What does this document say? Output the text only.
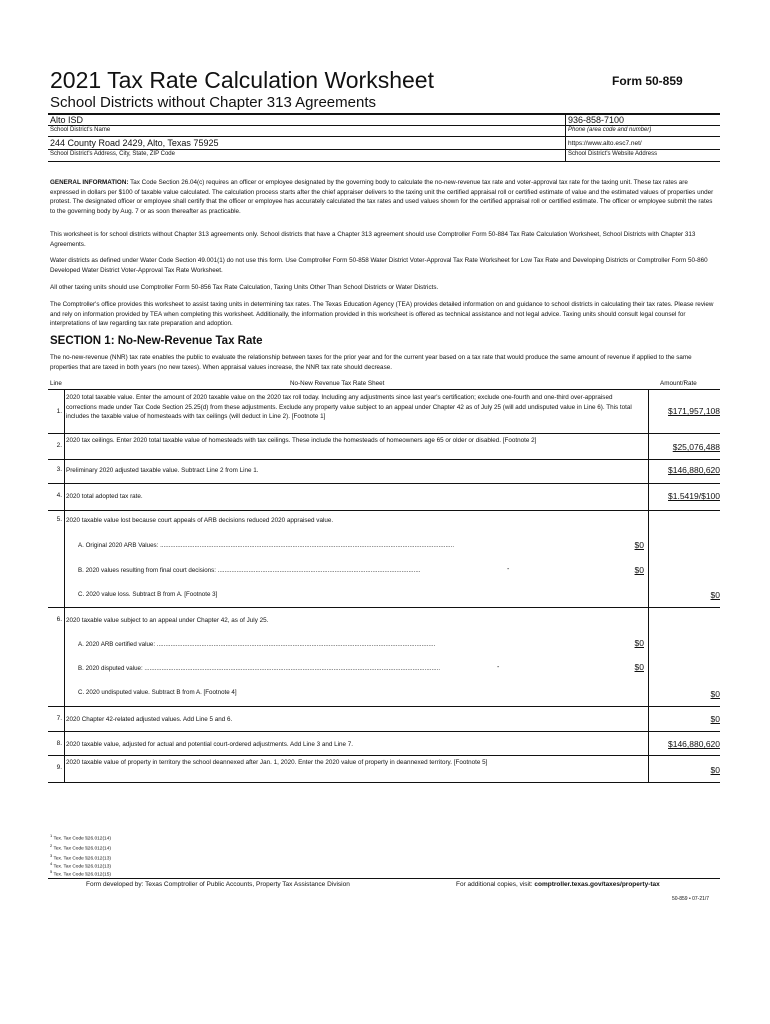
2021 Tax Rate Calculation Worksheet	Form 50-859
School Districts without Chapter 313 Agreements
Alto ISD
School District's Name
936-858-7100
Phone (area code and number)
244 County Road 2429, Alto, Texas 75925
School District's Address, City, State, ZIP Code
https://www.alto.esc7.net/
School District's Website Address
GENERAL INFORMATION: Tax Code Section 26.04(c) requires an officer or employee designated by the governing body to calculate the no-new-revenue tax rate and voter-approval tax rate for the taxing unit. These tax rates are expressed in dollars per $100 of taxable value calculated. The calculation process starts after the chief appraiser delivers to the taxing unit the certified appraisal roll or certified estimate of value and the estimated values of properties under protest. The designated officer or employee shall certify that the officer or employee has accurately calculated the tax rates and used values shown for the certified appraisal roll or certified estimate. The officer or employee submit the rates to the governing body by Aug. 7 or as soon thereafter as practicable.
This worksheet is for school districts without Chapter 313 agreements only. School districts that have a Chapter 313 agreement should use Comptroller Form 50-884 Tax Rate Calculation Worksheet, School Districts with Chapter 313 Agreements.
Water districts as defined under Water Code Section 49.001(1) do not use this form. Use Comptroller Form 50-858 Water District Voter-Approval Tax Rate Worksheet for Low Tax Rate and Developing Districts or Comptroller Form 50-860 Developed Water District Voter-Approval Tax Rate Worksheet.
All other taxing units should use Comptroller Form 50-856 Tax Rate Calculation, Taxing Units Other Than School Districts or Water Districts.
The Comptroller's office provides this worksheet to assist taxing units in determining tax rates. The Texas Education Agency (TEA) provides detailed information on and guidance to school districts in calculating their tax rates. Please review and rely on information provided by TEA when completing this worksheet. Additionally, the information provided in this worksheet is offered as technical assistance and not legal advice. Taxing units should consult legal counsel for interpretations of law regarding tax rate preparation and adoption.
SECTION 1: No-New-Revenue Tax Rate
The no-new-revenue (NNR) tax rate enables the public to evaluate the relationship between taxes for the prior year and for the current year based on a tax rate that would produce the same amount of revenue if applied to the same properties that are taxed in both years (no new taxes). When appraisal values increase, the NNR tax rate should decrease.
Line	No-New Revenue Tax Rate Sheet	Amount/Rate
1.
2020 total taxable value. Enter the amount of 2020 taxable value on the 2020 tax roll today. Including any adjustments since last year's certification; exclude one-fourth and one-third over-appraised corrections made under Tax Code Section 25.25(d) from these adjustments. Exclude any property value subject to an appeal under Chapter 42 as of July 25 (will add undisputed value in Line 6). This total includes the taxable value of homesteads with tax ceilings (will deduct in Line 2). [Footnote 1]
$171,957,108
2.
2020 tax ceilings. Enter 2020 total taxable value of homesteads with tax ceilings. These include the homesteads of homeowners age 65 or older or disabled. [Footnote 2]
$25,076,488
3. Preliminary 2020 adjusted taxable value. Subtract Line 2 from Line 1.	$146,880,620
4. 2020 total adopted tax rate.	$1.5419/$100
5. 2020 taxable value lost because court appeals of ARB decisions reduced 2020 appraised value.
A. Original 2020 ARB Values: ...........................................................................................................................................................................	$0
B. 2020 values resulting from final court decisions: ......................................................................................................................	-	$0
C. 2020 value loss. Subtract B from A. [Footnote 3]	$0
6. 2020 taxable value subject to an appeal under Chapter 42, as of July 25.
A. 2020 ARB certified value: ..................................................................................................................................................................	$0
B. 2020 disputed value: ............................................................................................................................................................................	-	$0
C. 2020 undisputed value. Subtract B from A. [Footnote 4]	$0
7. 2020 Chapter 42-related adjusted values. Add Line 5 and 6.	$0
8. 2020 taxable value, adjusted for actual and potential court-ordered adjustments. Add Line 3 and Line 7.	$146,880,620
9.
2020 taxable value of property in territory the school deannexed after Jan. 1, 2020. Enter the 2020 value of property in deannexed territory. [Footnote 5]
$0
$^1$ Tex. Tax Code §26.012(14)
$^2$ Tex. Tax Code §26.012(14)
$^3$ Tex. Tax Code §26.012(13)
$^4$ Tex. Tax Code §26.012(13)
$^5$ Tex. Tax Code §26.012(15)
Form developed by: Texas Comptroller of Public Accounts, Property Tax Assistance Division	For additional copies, visit: comptroller.texas.gov/taxes/property-tax
50-859 • 07-21/7
